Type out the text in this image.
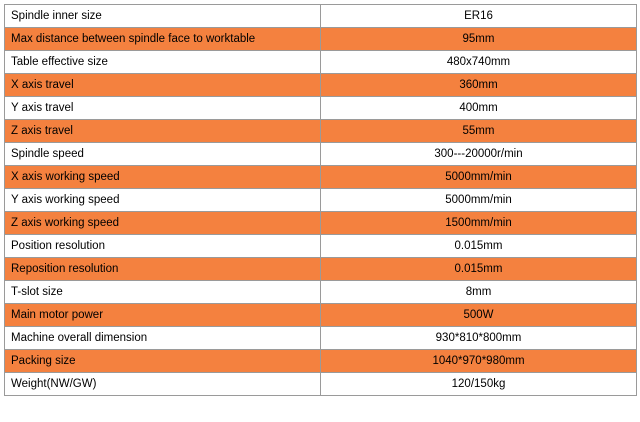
Spindle inner size	ER16
Max distance between spindle face to worktable	95mm
Table effective size	480x740mm
X axis travel	360mm
Y axis travel	400mm
Z axis travel	55mm
Spindle speed	300---20000r/min
X axis working speed	5000mm/min
Y axis working speed	5000mm/min
Z axis working speed	1500mm/min
Position resolution	0.015mm
Reposition resolution	0.015mm
T-slot size	8mm
Main motor power	500W
Machine overall dimension	930*810*800mm
Packing size	1040*970*980mm
Weight(NW/GW)	120/150kg
